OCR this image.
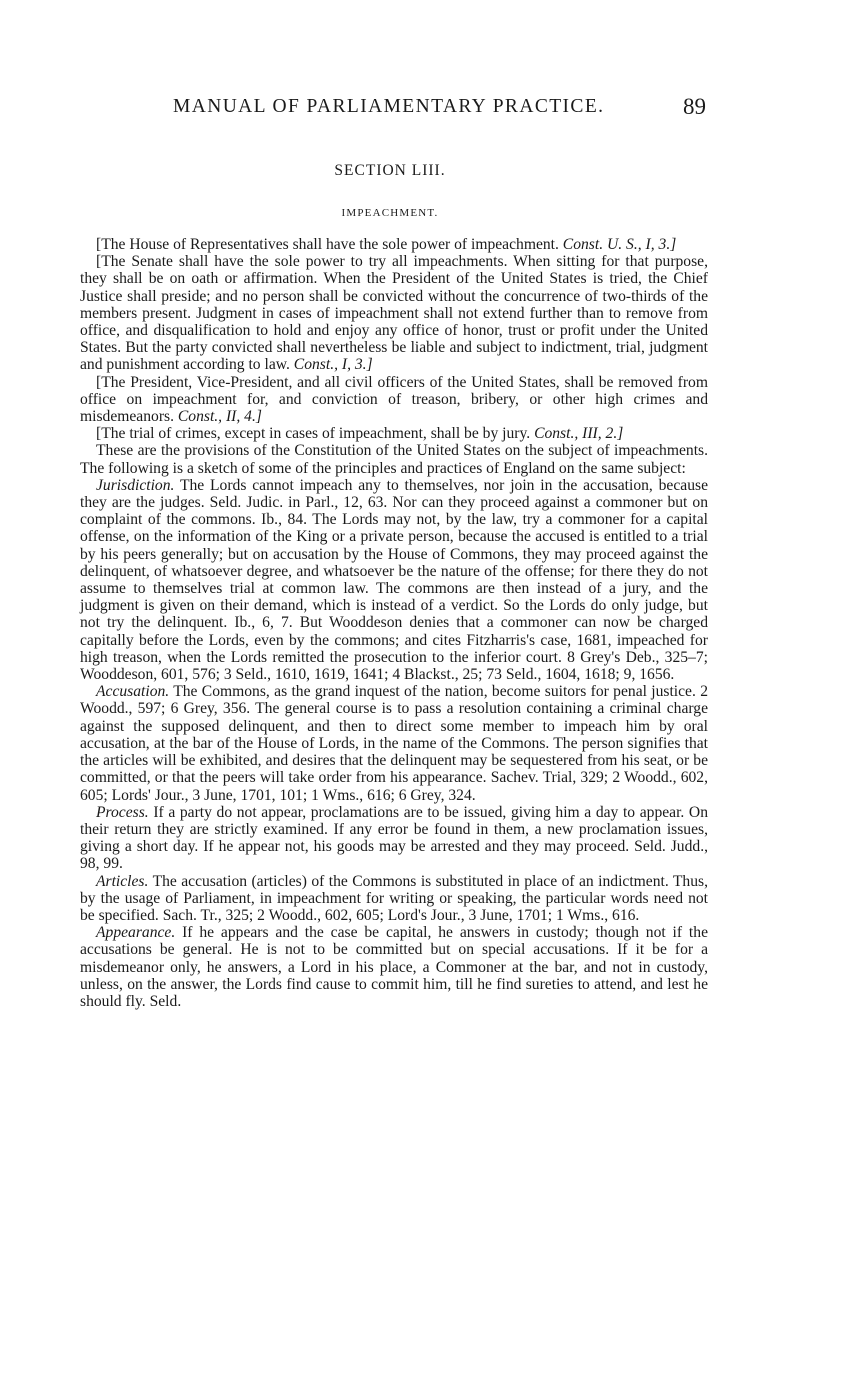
MANUAL OF PARLIAMENTARY PRACTICE.	89
SECTION LIII.
IMPEACHMENT.

[The House of Representatives shall have the sole power of impeachment. Const. U. S., I, 3.]

[The Senate shall have the sole power to try all impeachments. When sitting for that purpose, they shall be on oath or affirmation. When the President of the United States is tried, the Chief Justice shall preside; and no person shall be convicted without the concurrence of two-thirds of the members present. Judgment in cases of impeachment shall not extend further than to remove from office, and disqualification to hold and enjoy any office of honor, trust or profit under the United States. But the party convicted shall nevertheless be liable and subject to indictment, trial, judgment and punishment according to law. Const., I, 3.]

[The President, Vice-President, and all civil officers of the United States, shall be removed from office on impeachment for, and conviction of treason, bribery, or other high crimes and misdemeanors. Const., II, 4.]

[The trial of crimes, except in cases of impeachment, shall be by jury. Const., III, 2.]

These are the provisions of the Constitution of the United States on the subject of impeachments. The following is a sketch of some of the principles and practices of England on the same subject:

Jurisdiction. The Lords cannot impeach any to themselves, nor join in the accusation, because they are the judges. Seld. Judic. in Parl., 12, 63. Nor can they proceed against a commoner but on complaint of the commons. Ib., 84. The Lords may not, by the law, try a commoner for a capital offense, on the information of the King or a private person, because the accused is entitled to a trial by his peers generally; but on accusation by the House of Commons, they may proceed against the delinquent, of whatsoever degree, and whatsoever be the nature of the offense; for there they do not assume to themselves trial at common law. The commons are then instead of a jury, and the judgment is given on their demand, which is instead of a verdict. So the Lords do only judge, but not try the delinquent. Ib., 6, 7. But Wooddeson denies that a commoner can now be charged capitally before the Lords, even by the commons; and cites Fitzharris's case, 1681, impeached for high treason, when the Lords remitted the prosecution to the inferior court. 8 Grey's Deb., 325–7; Wooddeson, 601, 576; 3 Seld., 1610, 1619, 1641; 4 Blackst., 25; 73 Seld., 1604, 1618; 9, 1656.

Accusation. The Commons, as the grand inquest of the nation, become suitors for penal justice. 2 Woodd., 597; 6 Grey, 356. The general course is to pass a resolution containing a criminal charge against the supposed delinquent, and then to direct some member to impeach him by oral accusation, at the bar of the House of Lords, in the name of the Commons. The person signifies that the articles will be exhibited, and desires that the delinquent may be sequestered from his seat, or be committed, or that the peers will take order from his appearance. Sachev. Trial, 329; 2 Woodd., 602, 605; Lords' Jour., 3 June, 1701, 101; 1 Wms., 616; 6 Grey, 324.

Process. If a party do not appear, proclamations are to be issued, giving him a day to appear. On their return they are strictly examined. If any error be found in them, a new proclamation issues, giving a short day. If he appear not, his goods may be arrested and they may proceed. Seld. Judd., 98, 99.

Articles. The accusation (articles) of the Commons is substituted in place of an indictment. Thus, by the usage of Parliament, in impeachment for writing or speaking, the particular words need not be specified. Sach. Tr., 325; 2 Woodd., 602, 605; Lord's Jour., 3 June, 1701; 1 Wms., 616.

Appearance. If he appears and the case be capital, he answers in custody; though not if the accusations be general. He is not to be committed but on special accusations. If it be for a misdemeanor only, he answers, a Lord in his place, a Commoner at the bar, and not in custody, unless, on the answer, the Lords find cause to commit him, till he find sureties to attend, and lest he should fly. Seld.
